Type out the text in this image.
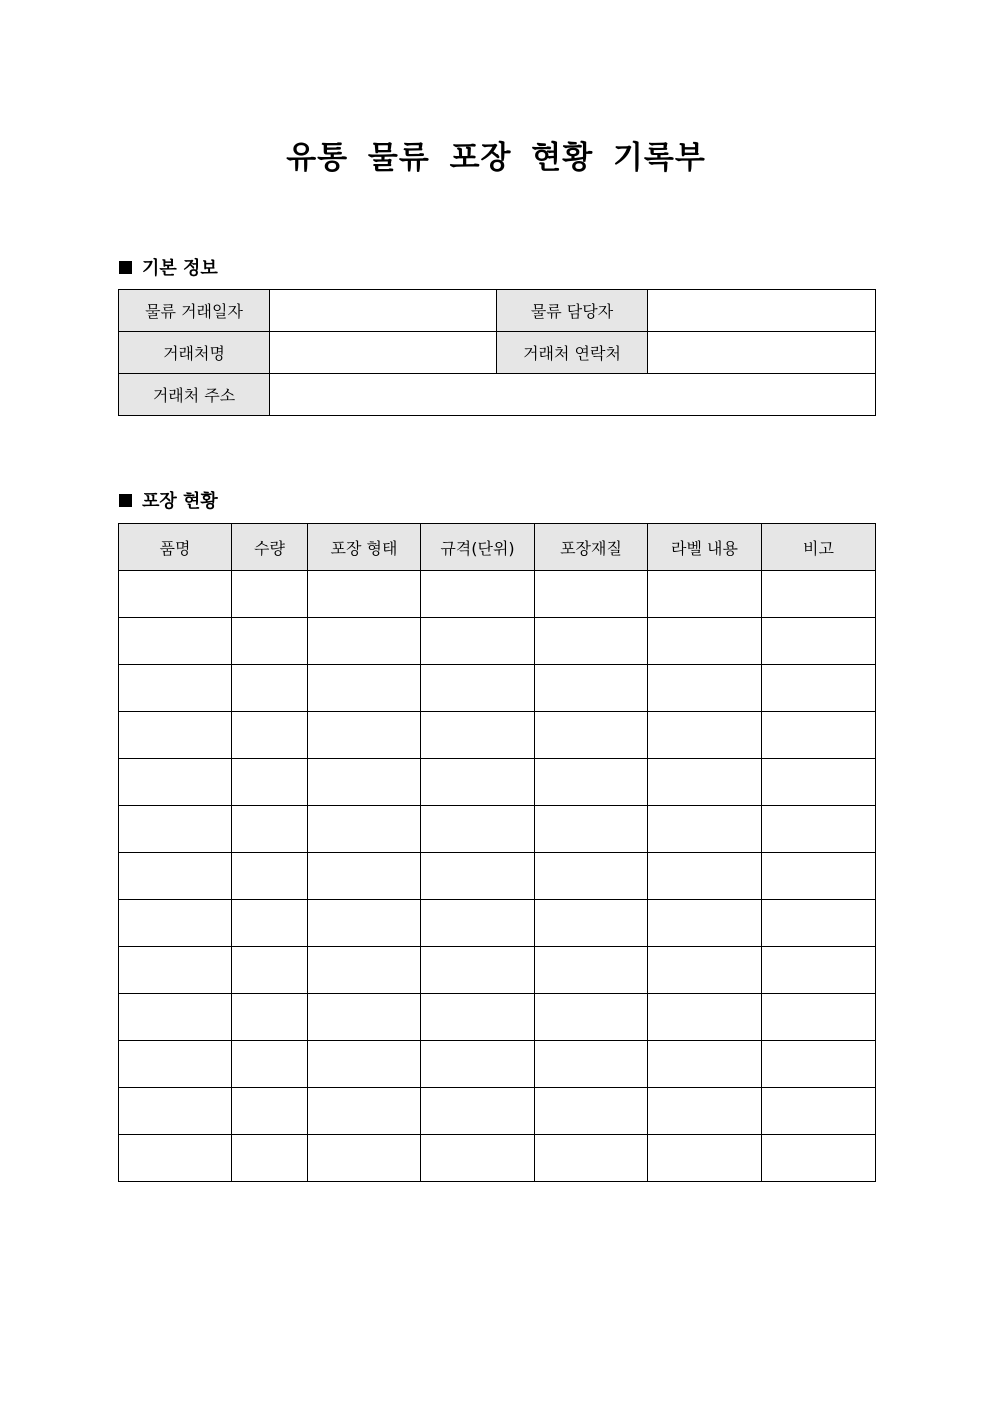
유통 물류 포장 현황 기록부
기본 정보
물류 거래일자		물류 담당자	
거래처명		거래처 연락처	
거래처 주소			
포장 현황
품명	수량	포장 형태	규격(단위)	포장재질	라벨 내용	비고
